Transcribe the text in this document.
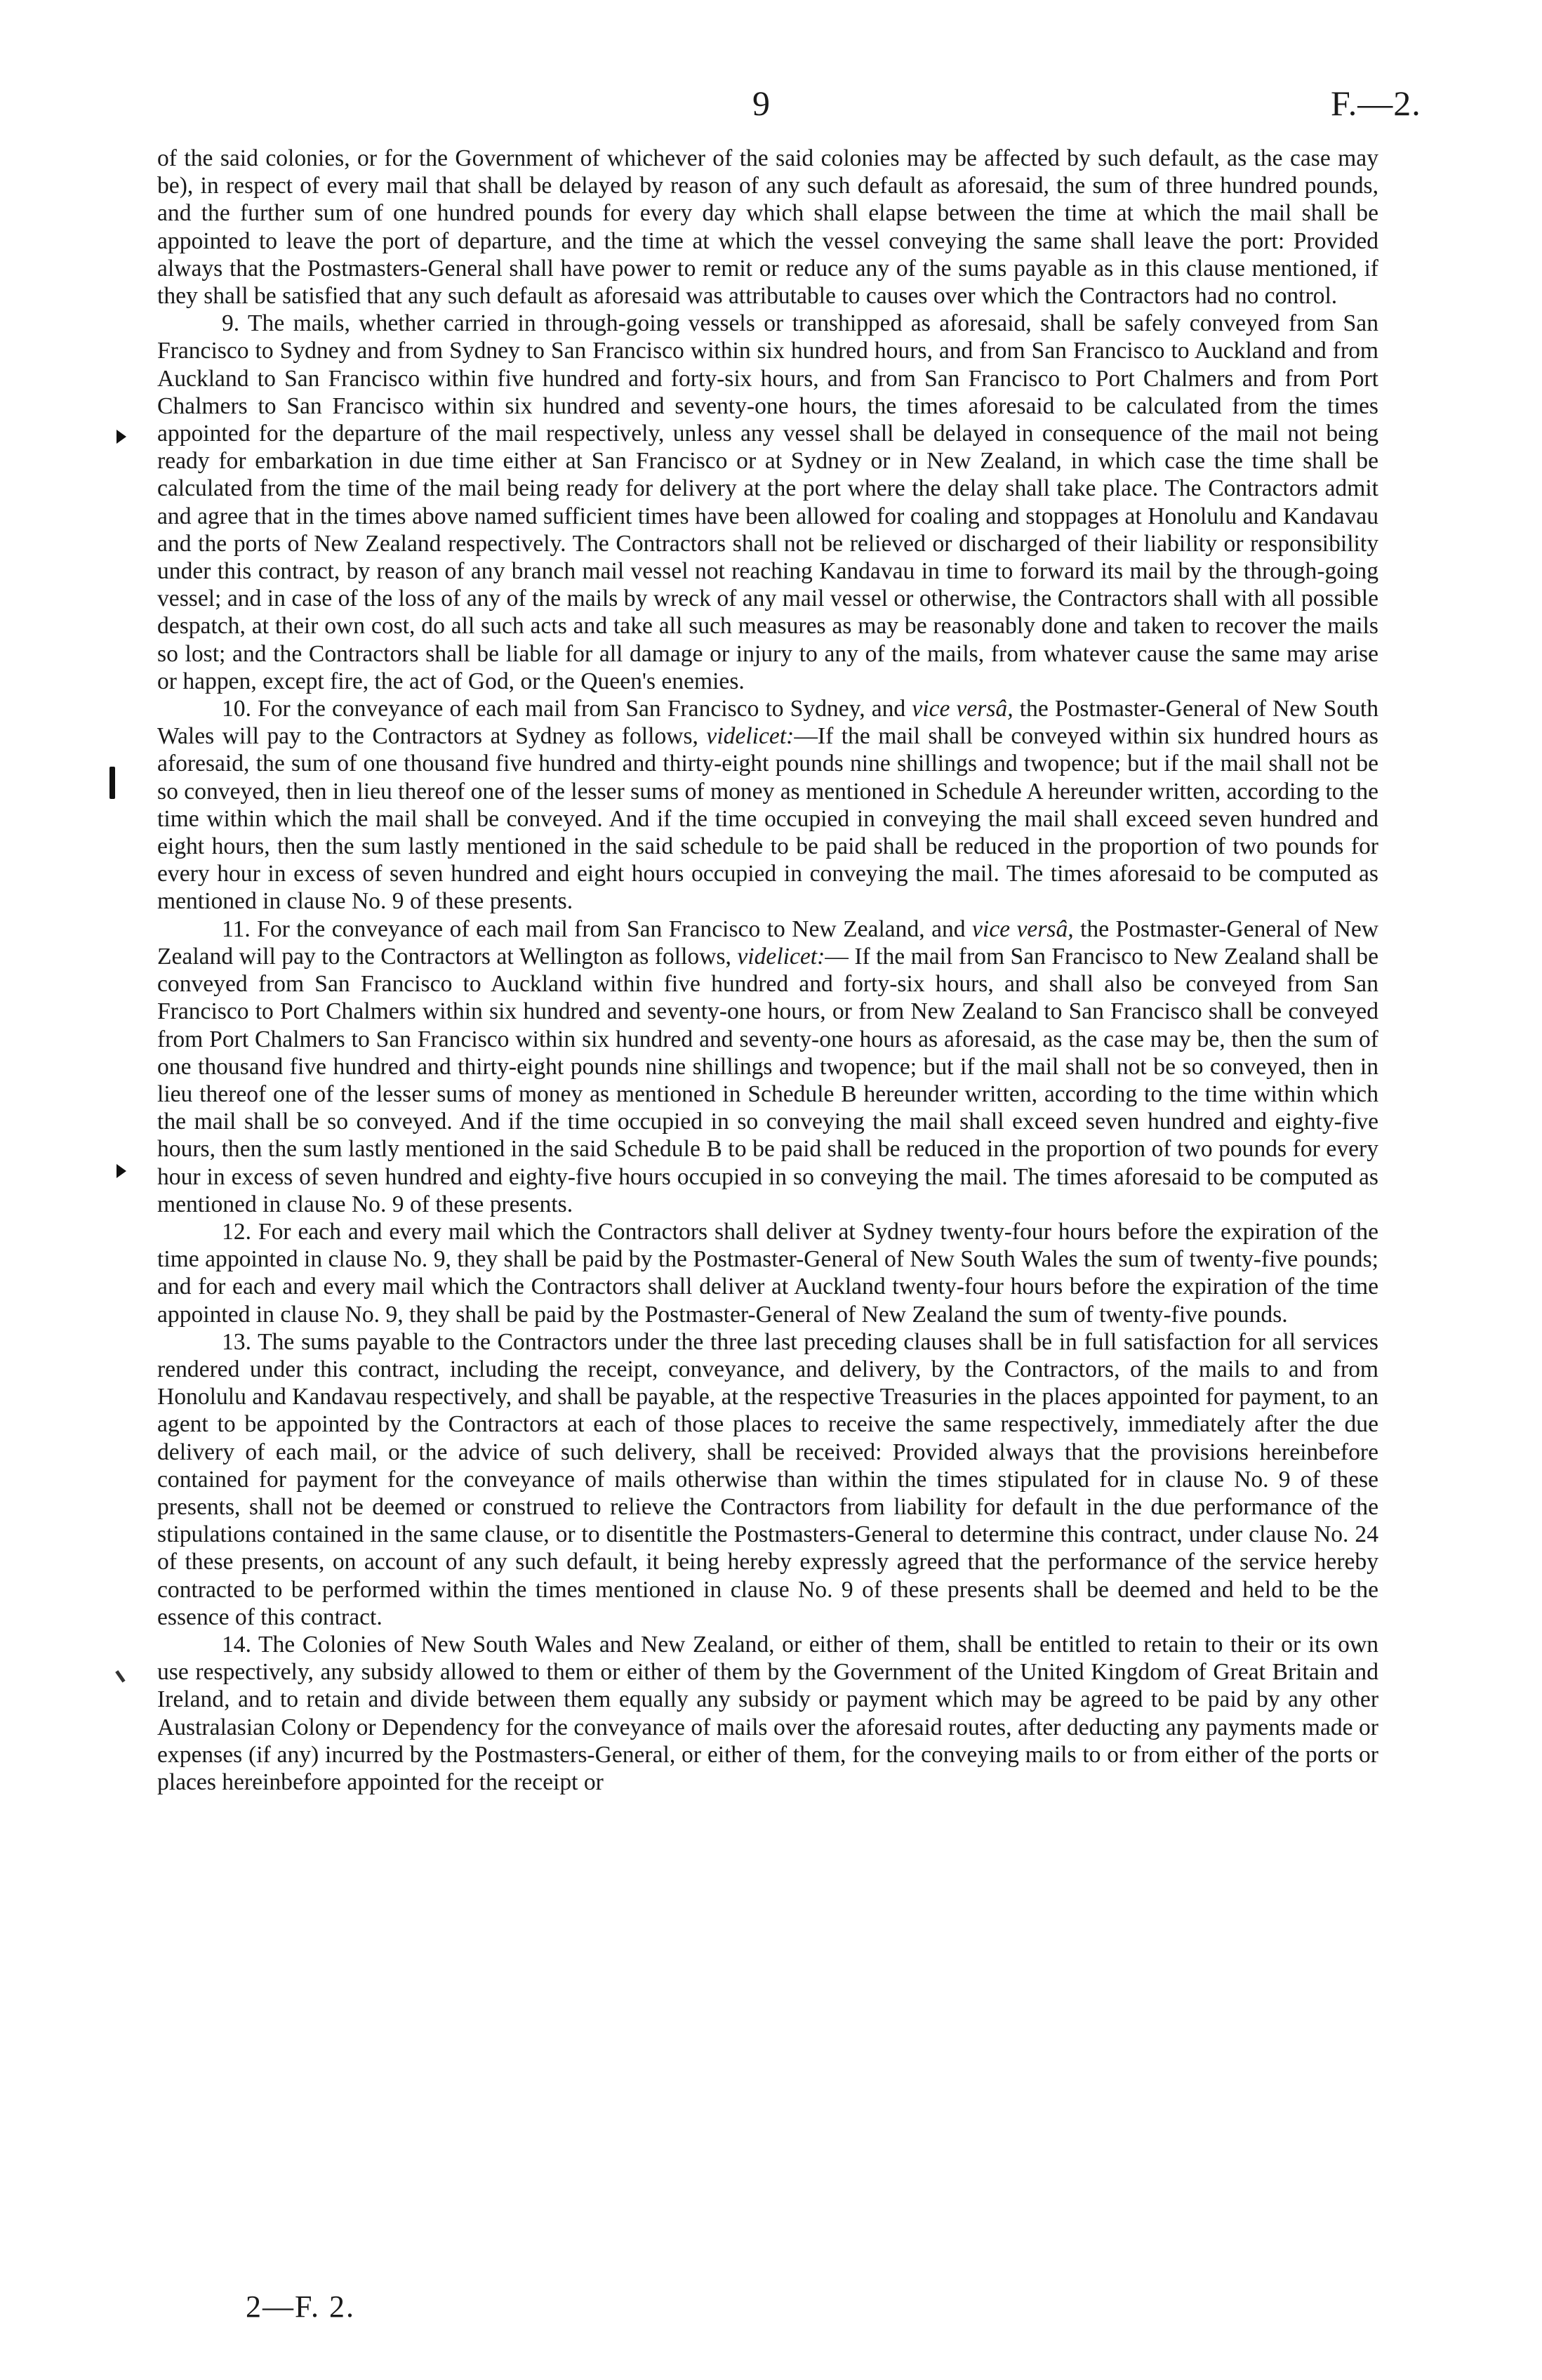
9	F.—2.

of the said colonies, or for the Government of whichever of the said colonies may be affected by such default, as the case may be), in respect of every mail that shall be delayed by reason of any such default as aforesaid, the sum of three hundred pounds, and the further sum of one hundred pounds for every day which shall elapse between the time at which the mail shall be appointed to leave the port of departure, and the time at which the vessel conveying the same shall leave the port: Provided always that the Postmasters-General shall have power to remit or reduce any of the sums payable as in this clause mentioned, if they shall be satisfied that any such default as aforesaid was attributable to causes over which the Contractors had no control.

9. The mails, whether carried in through-going vessels or transhipped as aforesaid, shall be safely conveyed from San Francisco to Sydney and from Sydney to San Francisco within six hundred hours, and from San Francisco to Auckland and from Auckland to San Francisco within five hundred and forty-six hours, and from San Francisco to Port Chalmers and from Port Chalmers to San Francisco within six hundred and seventy-one hours, the times aforesaid to be calculated from the times appointed for the departure of the mail respectively, unless any vessel shall be delayed in consequence of the mail not being ready for embarkation in due time either at San Francisco or at Sydney or in New Zealand, in which case the time shall be calculated from the time of the mail being ready for delivery at the port where the delay shall take place. The Contractors admit and agree that in the times above named sufficient times have been allowed for coaling and stoppages at Honolulu and Kandavau and the ports of New Zealand respectively. The Contractors shall not be relieved or discharged of their liability or responsibility under this contract, by reason of any branch mail vessel not reaching Kandavau in time to forward its mail by the through-going vessel; and in case of the loss of any of the mails by wreck of any mail vessel or otherwise, the Contractors shall with all possible despatch, at their own cost, do all such acts and take all such measures as may be reasonably done and taken to recover the mails so lost; and the Contractors shall be liable for all damage or injury to any of the mails, from whatever cause the same may arise or happen, except fire, the act of God, or the Queen's enemies.

10. For the conveyance of each mail from San Francisco to Sydney, and vice versâ, the Postmaster-General of New South Wales will pay to the Contractors at Sydney as follows, videlicet:—If the mail shall be conveyed within six hundred hours as aforesaid, the sum of one thousand five hundred and thirty-eight pounds nine shillings and twopence; but if the mail shall not be so conveyed, then in lieu thereof one of the lesser sums of money as mentioned in Schedule A hereunder written, according to the time within which the mail shall be conveyed. And if the time occupied in conveying the mail shall exceed seven hundred and eight hours, then the sum lastly mentioned in the said schedule to be paid shall be reduced in the proportion of two pounds for every hour in excess of seven hundred and eight hours occupied in conveying the mail. The times aforesaid to be computed as mentioned in clause No. 9 of these presents.

11. For the conveyance of each mail from San Francisco to New Zealand, and vice versâ, the Postmaster-General of New Zealand will pay to the Contractors at Wellington as follows, videlicet:— If the mail from San Francisco to New Zealand shall be conveyed from San Francisco to Auckland within five hundred and forty-six hours, and shall also be conveyed from San Francisco to Port Chalmers within six hundred and seventy-one hours, or from New Zealand to San Francisco shall be conveyed from Port Chalmers to San Francisco within six hundred and seventy-one hours as aforesaid, as the case may be, then the sum of one thousand five hundred and thirty-eight pounds nine shillings and twopence; but if the mail shall not be so conveyed, then in lieu thereof one of the lesser sums of money as mentioned in Schedule B hereunder written, according to the time within which the mail shall be so conveyed. And if the time occupied in so conveying the mail shall exceed seven hundred and eighty-five hours, then the sum lastly mentioned in the said Schedule B to be paid shall be reduced in the proportion of two pounds for every hour in excess of seven hundred and eighty-five hours occupied in so conveying the mail. The times aforesaid to be computed as mentioned in clause No. 9 of these presents.

12. For each and every mail which the Contractors shall deliver at Sydney twenty-four hours before the expiration of the time appointed in clause No. 9, they shall be paid by the Postmaster-General of New South Wales the sum of twenty-five pounds; and for each and every mail which the Contractors shall deliver at Auckland twenty-four hours before the expiration of the time appointed in clause No. 9, they shall be paid by the Postmaster-General of New Zealand the sum of twenty-five pounds.

13. The sums payable to the Contractors under the three last preceding clauses shall be in full satisfaction for all services rendered under this contract, including the receipt, conveyance, and delivery, by the Contractors, of the mails to and from Honolulu and Kandavau respectively, and shall be payable, at the respective Treasuries in the places appointed for payment, to an agent to be appointed by the Contractors at each of those places to receive the same respectively, immediately after the due delivery of each mail, or the advice of such delivery, shall be received: Provided always that the provisions hereinbefore contained for payment for the conveyance of mails otherwise than within the times stipulated for in clause No. 9 of these presents, shall not be deemed or construed to relieve the Contractors from liability for default in the due performance of the stipulations contained in the same clause, or to disentitle the Postmasters-General to determine this contract, under clause No. 24 of these presents, on account of any such default, it being hereby expressly agreed that the performance of the service hereby contracted to be performed within the times mentioned in clause No. 9 of these presents shall be deemed and held to be the essence of this contract.

14. The Colonies of New South Wales and New Zealand, or either of them, shall be entitled to retain to their or its own use respectively, any subsidy allowed to them or either of them by the Government of the United Kingdom of Great Britain and Ireland, and to retain and divide between them equally any subsidy or payment which may be agreed to be paid by any other Australasian Colony or Dependency for the conveyance of mails over the aforesaid routes, after deducting any payments made or expenses (if any) incurred by the Postmasters-General, or either of them, for the conveying mails to or from either of the ports or places hereinbefore appointed for the receipt or

2—F. 2.
